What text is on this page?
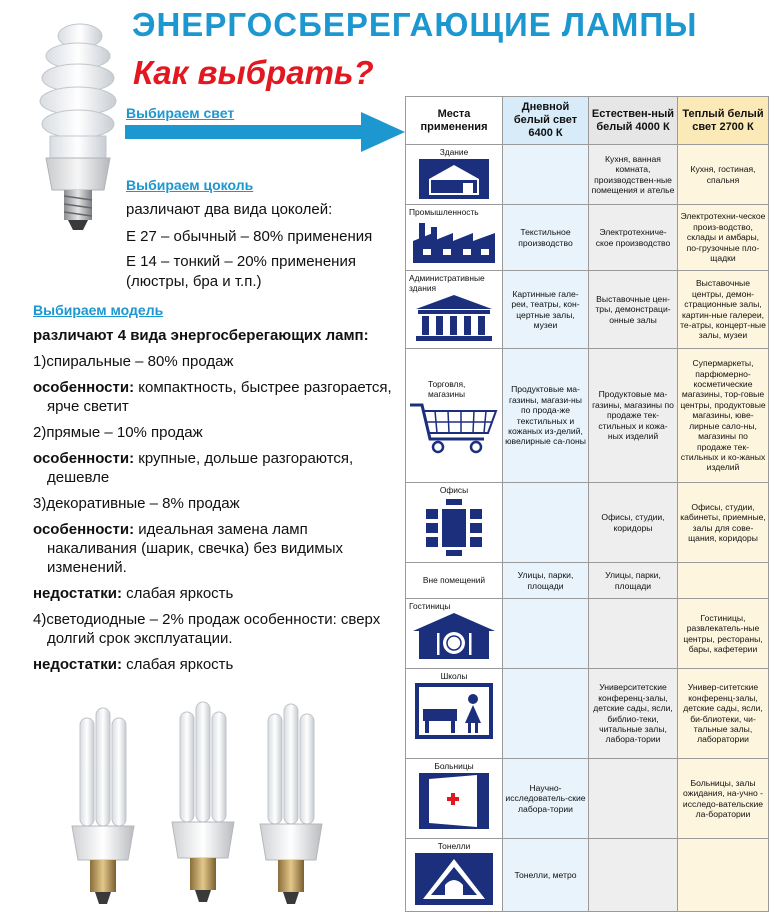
ЭНЕРГОСБЕРЕГАЮЩИЕ ЛАМПЫ
Как выбрать?
Выбираем свет
Выбираем цоколь
различают два вида цоколей:
Е 27 – обычный – 80% применения
Е 14 – тонкий – 20% применения (люстры, бра и т.п.)
Выбираем модель
различают 4 вида энергосберегающих ламп:
1)спиральные – 80% продаж
особенности: компактность, быстрее разгорается, ярче светит
2)прямые – 10% продаж
особенности: крупные, дольше разгораются, дешевле
3)декоративные – 8% продаж
особенности: идеальная замена ламп накаливания (шарик, свечка) без видимых изменений.
недостатки: слабая яркость
4)светодиодные – 2% продаж особенности: сверх долгий срок эксплуатации.
недостатки: слабая яркость
Места применения	Дневной белый свет 6400 К	Естествен-ный белый 4000 К	Теплый белый свет 2700 К

Здание		Кухня, ванная комната, производствен-ные помещения и ателье	Кухня, гостиная, спальня

Промышленность	Текстильное производство	Электротехниче-ское производство	Электротехни-ческое произ-водство, склады и амбары, по-грузочные пло-щадки

Административные здания	Картинные гале-реи, театры, кон-цертные залы, музеи	Выставочные цен-тры, демонстраци-онные залы	Выставочные центры, демон-страционные залы, картин-ные галереи, те-атры, концерт-ные залы, музеи

Торговля, магазины	Продуктовые ма-газины, магази-ны по прода-же текстильных и кожаных из-делий, ювелирные са-лоны	Продуктовые ма-газины, магазины по продаже тек-стильных и кожа-ных изделий	Супермаркеты, парфюмерно-косметические магазины, тор-говые центры, продуктовые магазины, юве-лирные сало-ны, магазины по продаже тек-стильных и ко-жаных изделий

Офисы		Офисы, студии, коридоры	Офисы, студии, кабинеты, приемные, залы для сове-щания, коридоры
Вне помещений	Улицы, парки, площади	Улицы, парки, площади	

Гостиницы			Гостиницы, развлекатель-ные центры, рестораны, бары, кафетерии

Школы		Университетские конференц-залы, детские сады, ясли, библио-теки, читальные залы, лабора-тории	Универ-ситетские конференц-залы, детские сады, ясли, би-блиотеки, чи-тальные залы, лаборатории

Больницы	Научно-исследователь-ские лабора-тории		Больницы, залы ожидания, на-учно - исследо-вательские ла-боратории

Тонелли	Тонелли, метро		
